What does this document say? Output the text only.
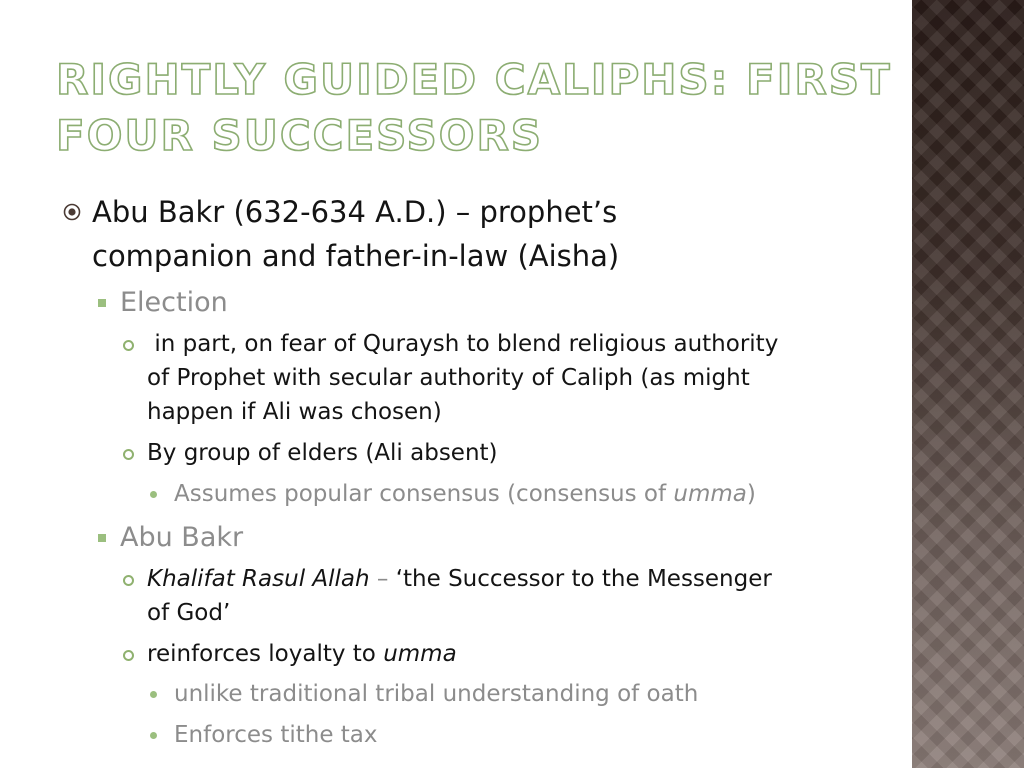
RIGHTLY GUIDED CALIPHS: FIRST FOUR SUCCESSORS
Abu Bakr (632-634 A.D.) – prophet’s
companion and father-in-law (Aisha)
Election
in part, on fear of Quraysh to blend religious authority
of Prophet with secular authority of Caliph (as might
happen if Ali was chosen)
By group of elders (Ali absent)
Assumes popular consensus (consensus of umma)
Abu Bakr
Khalifat Rasul Allah – ‘the Successor to the Messenger
of God’
reinforces loyalty to umma
unlike traditional tribal understanding of oath
Enforces tithe tax
